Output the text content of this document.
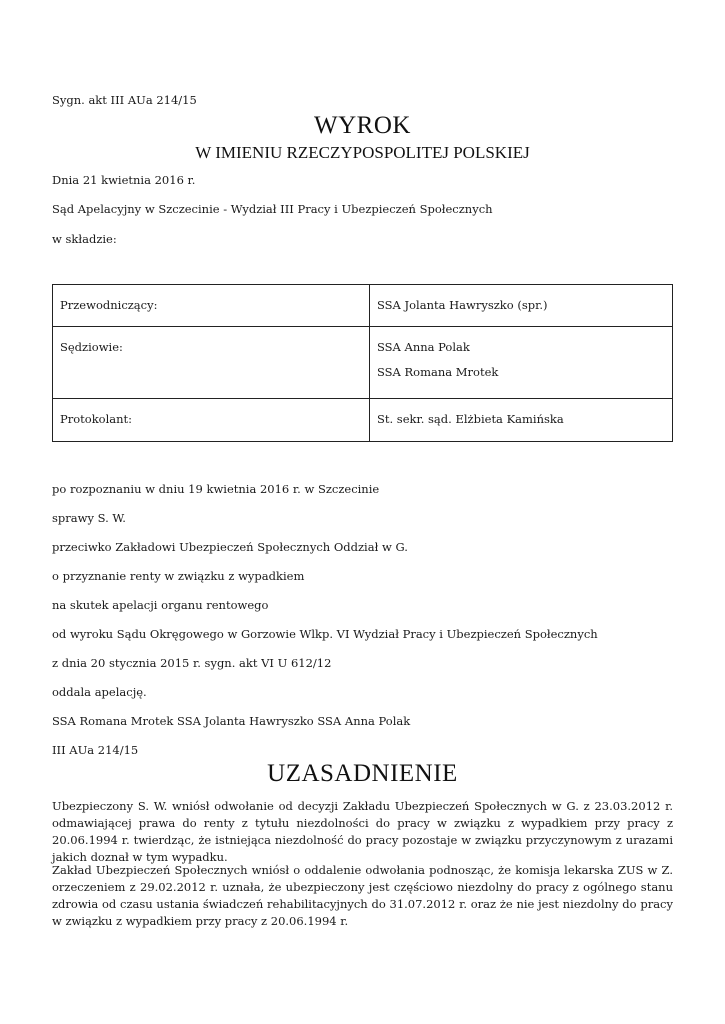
Sygn. akt III AUa 214/15
WYROK
W IMIENIU RZECZYPOSPOLITEJ POLSKIEJ
Dnia 21 kwietnia 2016 r.
Sąd Apelacyjny w Szczecinie - Wydział III Pracy i Ubezpieczeń Społecznych
w składzie:
Przewodniczący:	SSA Jolanta Hawryszko (spr.)

Sędziowie:	SSA Anna Polak
SSA Romana Mrotek

Protokolant:	St. sekr. sąd. Elżbieta Kamińska
po rozpoznaniu w dniu 19 kwietnia 2016 r. w Szczecinie
sprawy S. W.
przeciwko Zakładowi Ubezpieczeń Społecznych Oddział w G.
o przyznanie renty w związku z wypadkiem
na skutek apelacji organu rentowego
od wyroku Sądu Okręgowego w Gorzowie Wlkp. VI Wydział Pracy i Ubezpieczeń Społecznych
z dnia 20 stycznia 2015 r. sygn. akt VI U 612/12
oddala apelację.
SSA Romana Mrotek SSA Jolanta Hawryszko SSA Anna Polak
III AUa 214/15
UZASADNIENIE
Ubezpieczony S. W. wniósł odwołanie od decyzji Zakładu Ubezpieczeń Społecznych w G. z 23.03.2012 r. odmawiającej prawa do renty z tytułu niezdolności do pracy w związku z wypadkiem przy pracy z 20.06.1994 r. twierdząc, że istniejąca niezdolność do pracy pozostaje w związku przyczynowym z urazami jakich doznał w tym wypadku.
Zakład Ubezpieczeń Społecznych wniósł o oddalenie odwołania podnosząc, że komisja lekarska ZUS w Z. orzeczeniem z 29.02.2012 r. uznała, że ubezpieczony jest częściowo niezdolny do pracy z ogólnego stanu zdrowia od czasu ustania świadczeń rehabilitacyjnych do 31.07.2012 r. oraz że nie jest niezdolny do pracy w związku z wypadkiem przy pracy z 20.06.1994 r.
